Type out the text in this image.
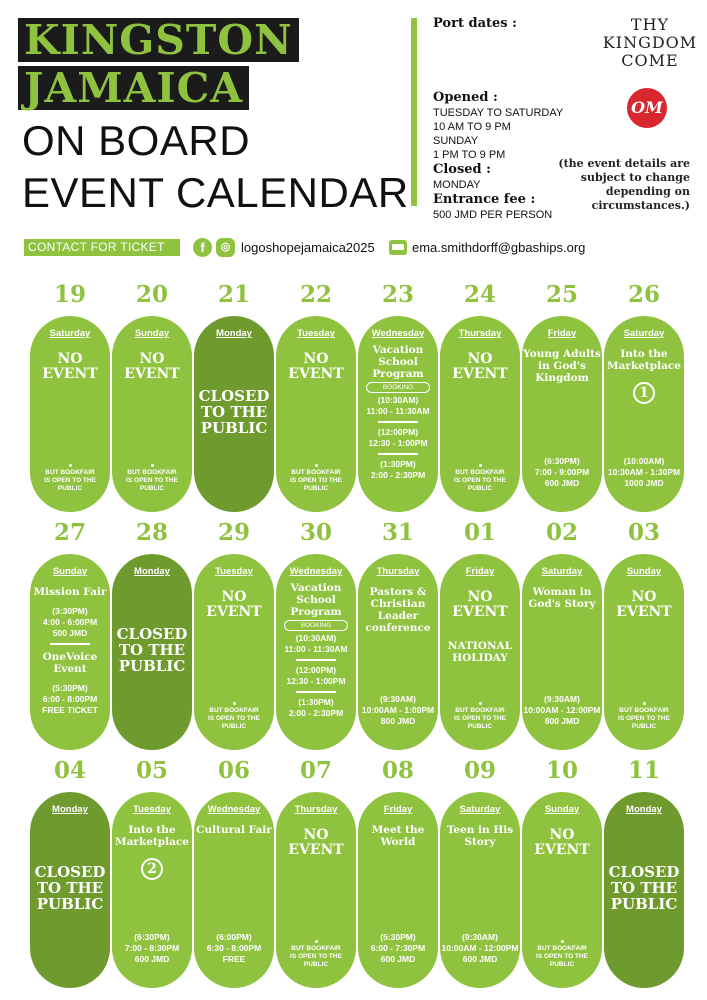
KINGSTON
JAMAICA
ON BOARD
EVENT CALENDAR
Port dates :
18TH JULY - 20TH AUGUST
KINGSTON, JAMAICA
Opened :
TUESDAY TO SATURDAY
10 AM TO 9 PM
SUNDAY
1 PM TO 9 PM
Closed :
MONDAY
Entrance fee :
500 JMD PER PERSON
THY KINGDOM COME
OM
(the event details are subject to change depending on circumstances.)
CONTACT FOR TICKET	f	◎ logoshopejamaica2025	ema.smithdorff@gbaships.org
19
Saturday
NO EVENT
BUT BOOKFAIR IS OPEN TO THE PUBLIC
20
Sunday
NO EVENT
BUT BOOKFAIR IS OPEN TO THE PUBLIC
21
Monday
CLOSED TO THE PUBLIC
22
Tuesday
NO EVENT
BUT BOOKFAIR IS OPEN TO THE PUBLIC
23
Wednesday
Vacation School Program
BOOKING
(10:30AM)
11:00 - 11:30AM
(12:00PM)
12:30 - 1:00PM
(1:30PM)
2:00 - 2:30PM
24
Thursday
NO EVENT
BUT BOOKFAIR IS OPEN TO THE PUBLIC
25
Friday
Young Adults in God's Kingdom
(6:30PM)
7:00 - 9:00PM
600 JMD
26
Saturday
Into the Marketplace
1
(10:00AM)
10:30AM - 1:30PM
1000 JMD
27
Sunday
Mission Fair
(3:30PM)
4:00 - 6:00PM
500 JMD
OneVoice Event
(5:30PM)
6:00 - 8:00PM
FREE TICKET
28
Monday
CLOSED TO THE PUBLIC
29
Tuesday
NO EVENT
BUT BOOKFAIR IS OPEN TO THE PUBLIC
30
Wednesday
Vacation School Program
BOOKING
(10:30AM)
11:00 - 11:30AM
(12:00PM)
12:30 - 1:00PM
(1:30PM)
2:00 - 2:30PM
31
Thursday
Pastors & Christian Leader conference
(9:30AM)
10:00AM - 1:00PM
800 JMD
01
Friday
NO EVENT
NATIONAL HOLIDAY
BUT BOOKFAIR IS OPEN TO THE PUBLIC
02
Saturday
Woman in God's Story
(9:30AM)
10:00AM - 12:00PM
800 JMD
03
Sunday
NO EVENT
BUT BOOKFAIR IS OPEN TO THE PUBLIC
04
Monday
CLOSED TO THE PUBLIC
05
Tuesday
Into the Marketplace
2
(6:30PM)
7:00 - 8:30PM
600 JMD
06
Wednesday
Cultural Fair
(6:00PM)
6:30 - 8:00PM
FREE
07
Thursday
NO EVENT
BUT BOOKFAIR IS OPEN TO THE PUBLIC
08
Friday
Meet the World
(5:30PM)
6:00 - 7:30PM
600 JMD
09
Saturday
Teen in His Story
(9:30AM)
10:00AM - 12:00PM
600 JMD
10
Sunday
NO EVENT
BUT BOOKFAIR IS OPEN TO THE PUBLIC
11
Monday
CLOSED TO THE PUBLIC
